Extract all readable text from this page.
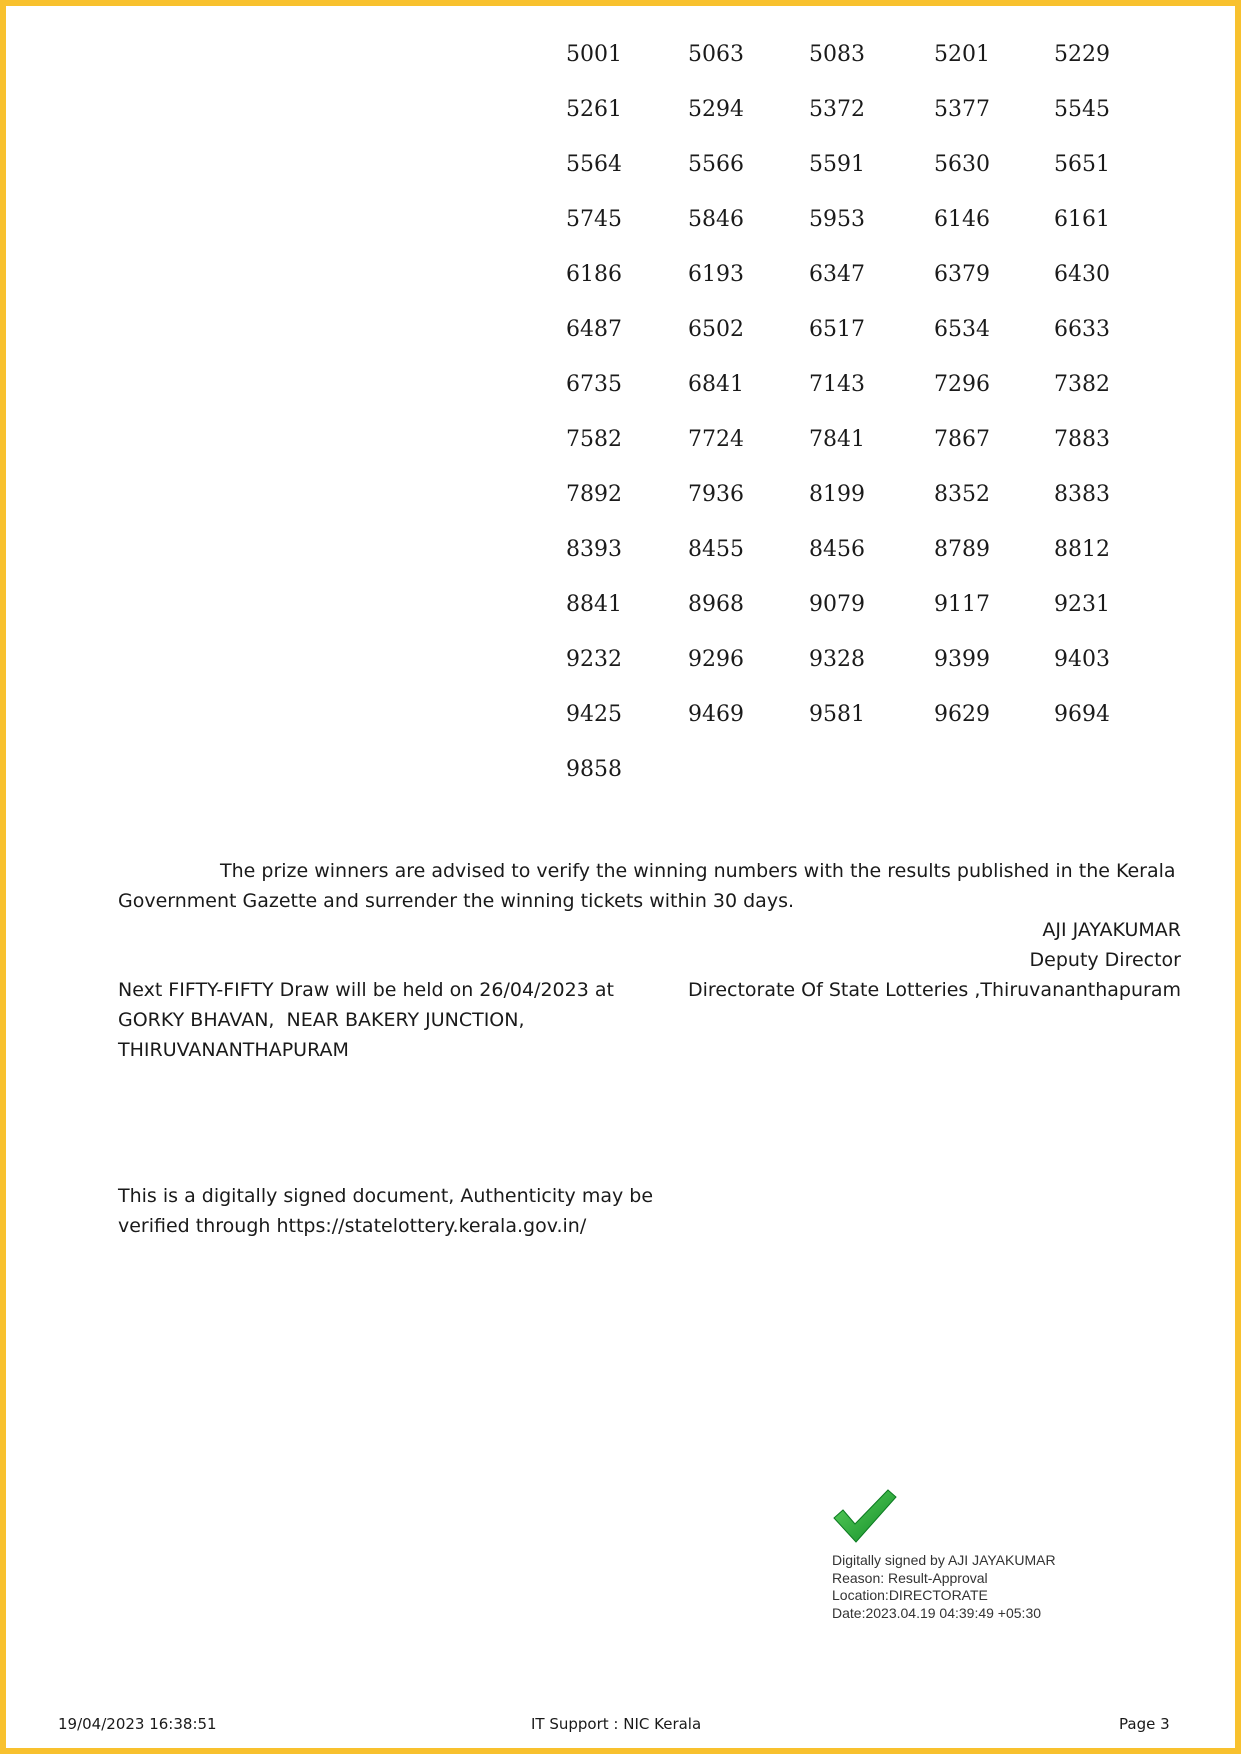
5001	5063	5083	5201	5229
5261	5294	5372	5377	5545
5564	5566	5591	5630	5651
5745	5846	5953	6146	6161
6186	6193	6347	6379	6430
6487	6502	6517	6534	6633
6735	6841	7143	7296	7382
7582	7724	7841	7867	7883
7892	7936	8199	8352	8383
8393	8455	8456	8789	8812
8841	8968	9079	9117	9231
9232	9296	9328	9399	9403
9425	9469	9581	9629	9694
9858

The prize winners are advised to verify the winning numbers with the results published in the Kerala Government Gazette and surrender the winning tickets within 30 days.

AJI JAYAKUMAR
Deputy Director
Directorate Of State Lotteries ,Thiruvananthapuram

Next FIFTY-FIFTY Draw will be held on 26/04/2023 at
GORKY BHAVAN,  NEAR BAKERY JUNCTION,
THIRUVANANTHAPURAM

This is a digitally signed document, Authenticity may be
verified through https://statelottery.kerala.gov.in/

Digitally signed by AJI JAYAKUMAR
Reason: Result-Approval
Location:DIRECTORATE
Date:2023.04.19 04:39:49 +05:30
19/04/2023 16:38:51	IT Support : NIC Kerala	Page 3
